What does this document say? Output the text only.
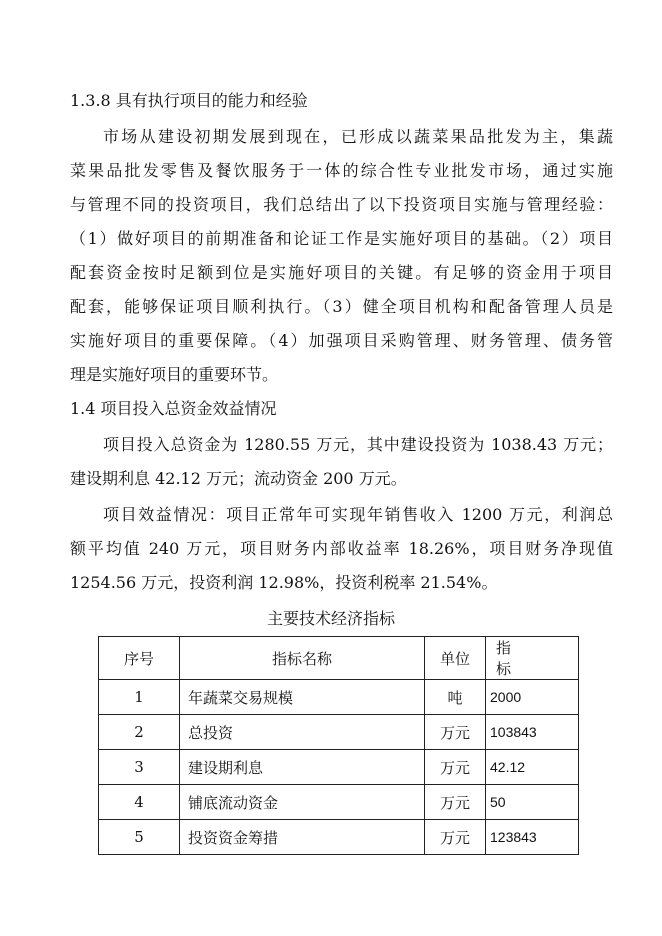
1.3.8 具有执行项目的能力和经验
市场从建设初期发展到现在，已形成以蔬菜果品批发为主，集蔬
菜果品批发零售及餐饮服务于一体的综合性专业批发市场，通过实施
与管理不同的投资项目，我们总结出了以下投资项目实施与管理经验：
（1）做好项目的前期准备和论证工作是实施好项目的基础。（2）项目
配套资金按时足额到位是实施好项目的关键。有足够的资金用于项目
配套，能够保证项目顺利执行。（3）健全项目机构和配备管理人员是
实施好项目的重要保障。（4）加强项目采购管理、财务管理、债务管
理是实施好项目的重要环节。
1.4 项目投入总资金效益情况
项目投入总资金为 1280.55 万元，其中建设投资为 1038.43 万元；
建设期利息 42.12 万元；流动资金 200 万元。
项目效益情况：项目正常年可实现年销售收入 1200 万元，利润总
额平均值 240 万元，项目财务内部收益率 18.26%，项目财务净现值
1254.56 万元，投资利润 12.98%，投资利税率 21.54%。
主要技术经济指标
序号	指标名称	单位	指标
1	年蔬菜交易规模	吨	2000
2	总投资	万元	103843
3	建设期利息	万元	42.12
4	铺底流动资金	万元	50
5	投资资金筹措	万元	123843
